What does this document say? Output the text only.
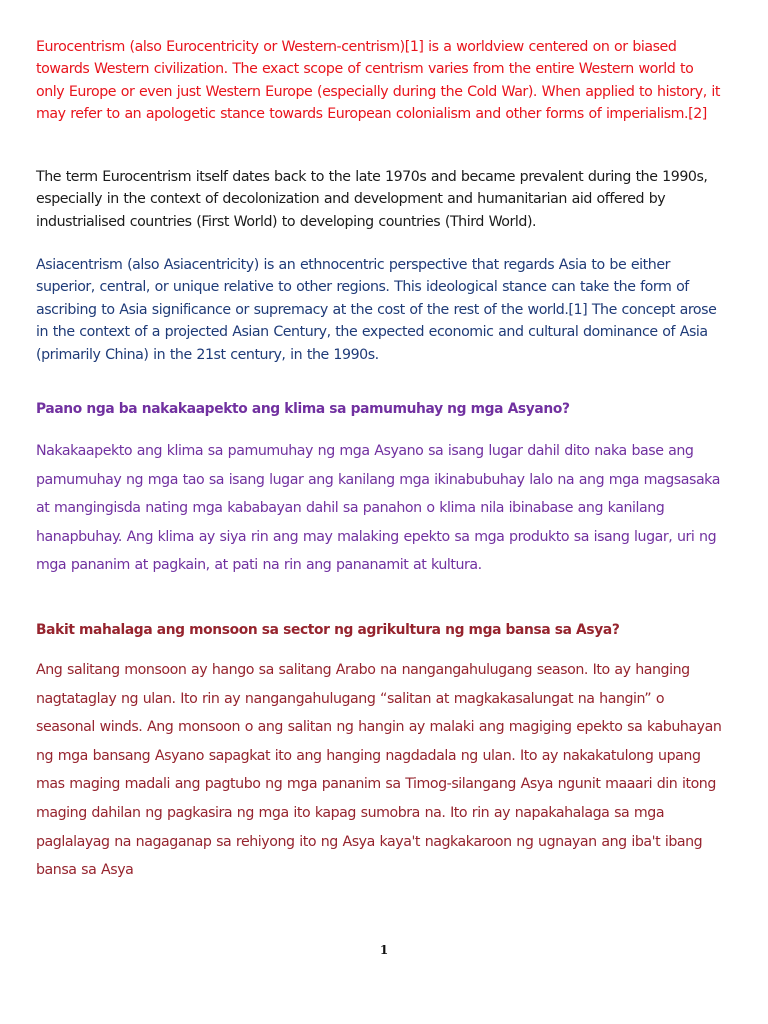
Eurocentrism (also Eurocentricity or Western-centrism)[1] is a worldview centered on or biased towards Western civilization. The exact scope of centrism varies from the entire Western world to only Europe or even just Western Europe (especially during the Cold War). When applied to history, it may refer to an apologetic stance towards European colonialism and other forms of imperialism.[2]

The term Eurocentrism itself dates back to the late 1970s and became prevalent during the 1990s, especially in the context of decolonization and development and humanitarian aid offered by industrialised countries (First World) to developing countries (Third World).

Asiacentrism (also Asiacentricity) is an ethnocentric perspective that regards Asia to be either superior, central, or unique relative to other regions. This ideological stance can take the form of ascribing to Asia significance or supremacy at the cost of the rest of the world.[1] The concept arose in the context of a projected Asian Century, the expected economic and cultural dominance of Asia (primarily China) in the 21st century, in the 1990s.

Paano nga ba nakakaapekto ang klima sa pamumuhay ng mga Asyano?

Nakakaapekto ang klima sa pamumuhay ng mga Asyano sa isang lugar dahil dito naka base ang pamumuhay ng mga tao sa isang lugar ang kanilang mga ikinabubuhay lalo na ang mga magsasaka at mangingisda nating mga kababayan dahil sa panahon o klima nila ibinabase ang kanilang hanapbuhay. Ang klima ay siya rin ang may malaking epekto sa mga produkto sa isang lugar, uri ng mga pananim at pagkain, at pati na rin ang pananamit at kultura.

Bakit mahalaga ang monsoon sa sector ng agrikultura ng mga bansa sa Asya?

Ang salitang monsoon ay hango sa salitang Arabo na nangangahulugang season. Ito ay hanging nagtataglay ng ulan. Ito rin ay nangangahulugang “salitan at magkakasalungat na hangin” o seasonal winds. Ang monsoon o ang salitan ng hangin ay malaki ang magiging epekto sa kabuhayan ng mga bansang Asyano sapagkat ito ang hanging nagdadala ng ulan. Ito ay nakakatulong upang mas maging madali ang pagtubo ng mga pananim sa Timog-silangang Asya ngunit maaari din itong maging dahilan ng pagkasira ng mga ito kapag sumobra na. Ito rin ay napakahalaga sa mga paglalayag na nagaganap sa rehiyong ito ng Asya kaya't nagkakaroon ng ugnayan ang iba't ibang bansa sa Asya

1
